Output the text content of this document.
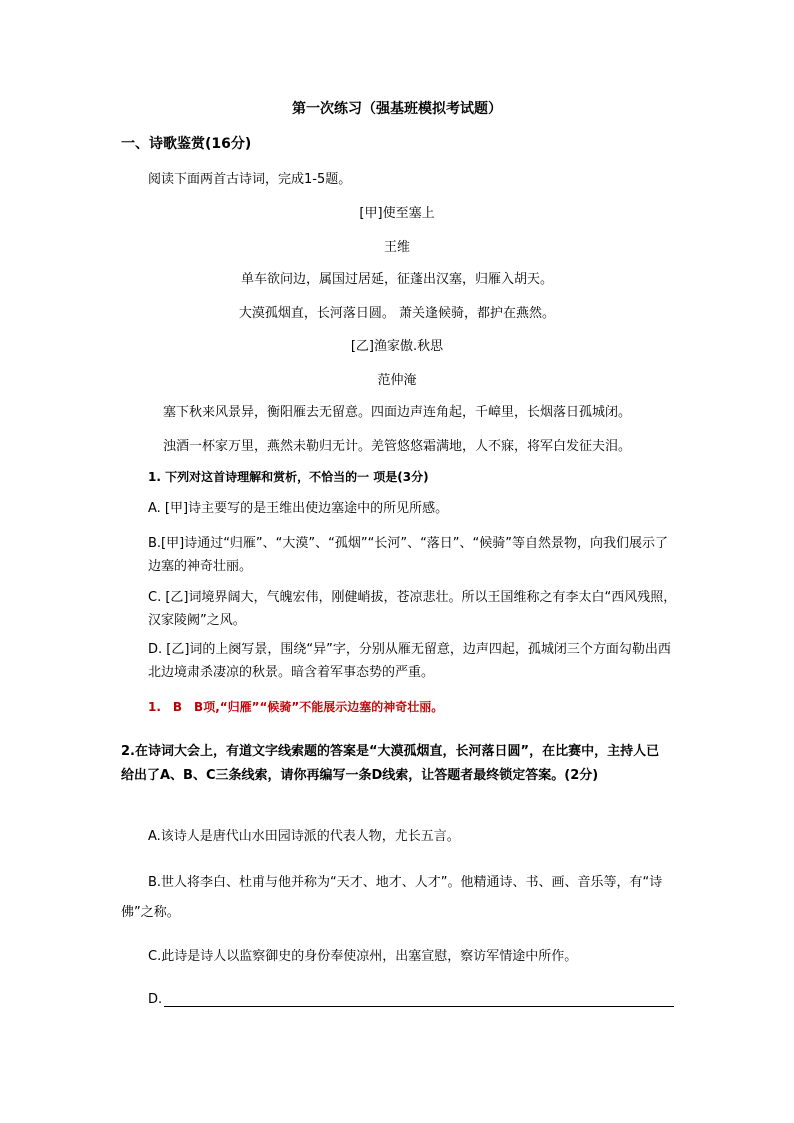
第一次练习（强基班模拟考试题）
一、诗歌鉴赏(16分)
阅读下面两首古诗词，完成1-5题。
[甲]使至塞上
王维
单车欲问边，属国过居延，征蓬出汉塞，归雁入胡天。
大漠孤烟直，长河落日圆。 萧关逢候骑，都护在燕然。
[乙]渔家傲.秋思
范仲淹
塞下秋来风景异，衡阳雁去无留意。四面边声连角起，千嶂里，长烟落日孤城闭。
浊酒一杯家万里，燕然未勒归无计。羌管悠悠霜满地，人不寐，将军白发征夫泪。
1. 下列对这首诗理解和赏析，不恰当的一 项是(3分)
A. [甲]诗主要写的是王维出使边塞途中的所见所感。
B.[甲]诗通过“归雁”、“大漠”、“孤烟”“长河”、“落日”、“候骑”等自然景物，向我们展示了边塞的神奇壮丽。
C. [乙]词境界阔大，气魄宏伟，刚健峭拔，苍凉悲壮。所以王国维称之有李太白“西风残照，汉家陵阙”之风。
D. [乙]词的上阕写景，围绕“异”字，分别从雁无留意，边声四起，孤城闭三个方面勾勒出西北边境肃杀凄凉的秋景。暗含着军事态势的严重。
1.　B　B项,“归雁”“候骑”不能展示边塞的神奇壮丽。
2.在诗词大会上，有道文字线索题的答案是“大漠孤烟直，长河落日圆”，在比赛中，主持人已给出了A、B、C三条线索，请你再编写一条D线索，让答题者最终锁定答案。(2分)
A.该诗人是唐代山水田园诗派的代表人物，尤长五言。
B.世人将李白、杜甫与他并称为“天才、地才、人才”。他精通诗、书、画、音乐等，有“诗佛”之称。
C.此诗是诗人以监察御史的身份奉使凉州，出塞宣慰，察访军情途中所作。
D.
